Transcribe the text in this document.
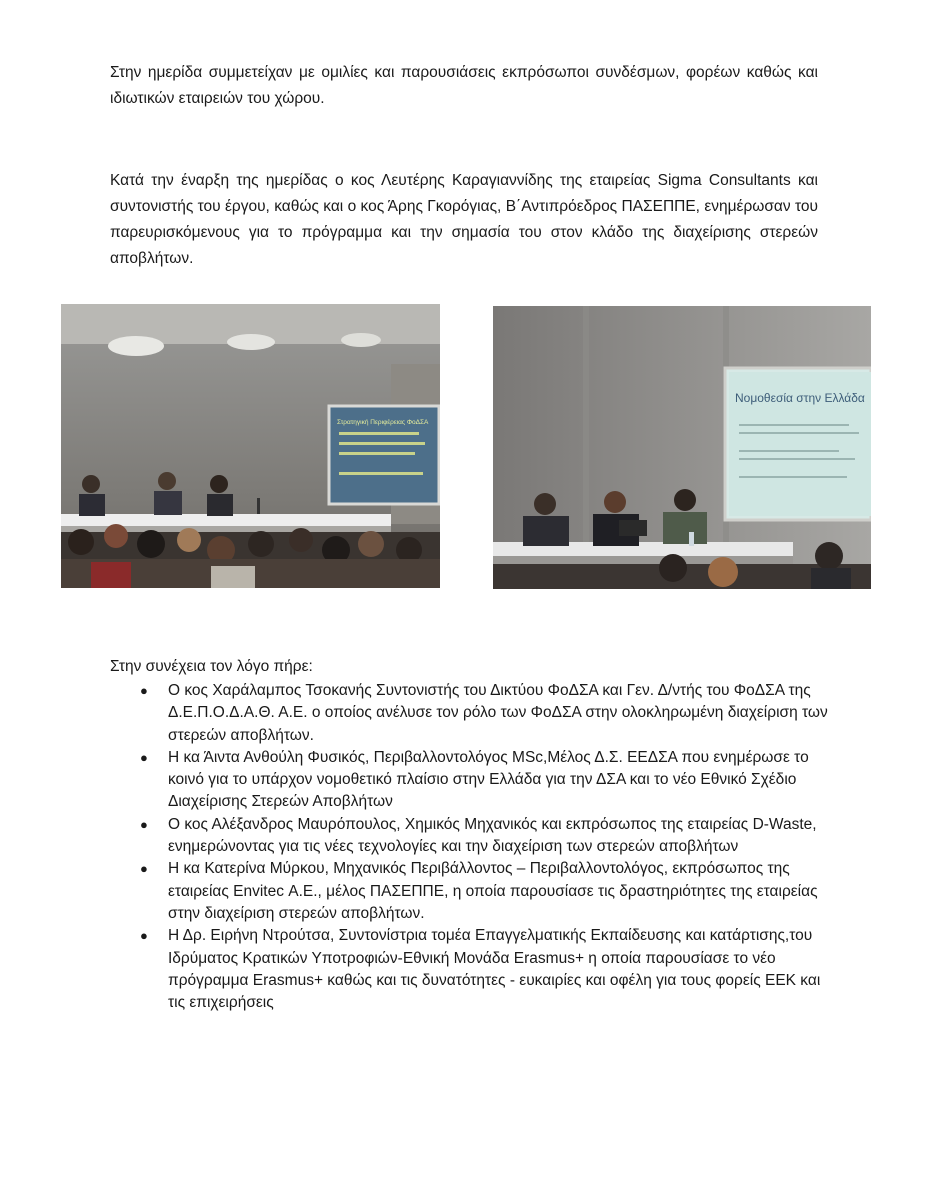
Στην ημερίδα συμμετείχαν με ομιλίες και παρουσιάσεις εκπρόσωποι συνδέσμων, φορέων καθώς και ιδιωτικών εταιρειών του χώρου.
Κατά την έναρξη της ημερίδας ο κος Λευτέρης Καραγιαννίδης της εταιρείας Sigma Consultants και συντονιστής του έργου, καθώς και ο κος Άρης Γκορόγιας, Β΄Αντιπρόεδρος ΠΑΣΕΠΠΕ, ενημέρωσαν του παρευρισκόμενους για το πρόγραμμα και την σημασία του στον κλάδο της διαχείρισης στερεών αποβλήτων.
Στρατηγική Περιφέρειας ΦοΔΣΑ
Νομοθεσία στην Ελλάδα
Στην συνέχεια τον λόγο πήρε:
● Ο κος Χαράλαμπος Τσοκανής Συντονιστής του Δικτύου ΦοΔΣΑ και Γεν. Δ/ντής του ΦοΔΣΑ της Δ.Ε.Π.Ο.Δ.Α.Θ. Α.Ε. ο οποίος ανέλυσε τον ρόλο των ΦοΔΣΑ στην ολοκληρωμένη διαχείριση των στερεών αποβλήτων.
● Η κα Άιντα Ανθούλη Φυσικός, Περιβαλλοντολόγος MSc,Μέλος Δ.Σ. ΕΕΔΣΑ που ενημέρωσε το κοινό για το υπάρχον νομοθετικό πλαίσιο στην Ελλάδα για την ΔΣΑ και το νέο Εθνικό Σχέδιο Διαχείρισης Στερεών Αποβλήτων
● Ο κος Αλέξανδρος Μαυρόπουλος, Χημικός Μηχανικός και εκπρόσωπος της εταιρείας D-Waste, ενημερώνοντας για τις νέες τεχνολογίες και την διαχείριση των στερεών αποβλήτων
● Η κα Κατερίνα Μύρκου, Μηχανικός Περιβάλλοντος – Περιβαλλοντολόγος, εκπρόσωπος της εταιρείας Envitec Α.Ε., μέλος ΠΑΣΕΠΠΕ, η οποία παρουσίασε τις δραστηριότητες της εταιρείας στην διαχείριση στερεών αποβλήτων.
● Η Δρ. Ειρήνη Ντρούτσα, Συντονίστρια τομέα Επαγγελματικής Εκπαίδευσης και κατάρτισης,του Ιδρύματος Κρατικών Υποτροφιών-Εθνική Μονάδα Erasmus+ η οποία παρουσίασε το νέο πρόγραμμα Erasmus+ καθώς και τις δυνατότητες - ευκαιρίες και οφέλη για τους φορείς ΕΕΚ και τις επιχειρήσεις
